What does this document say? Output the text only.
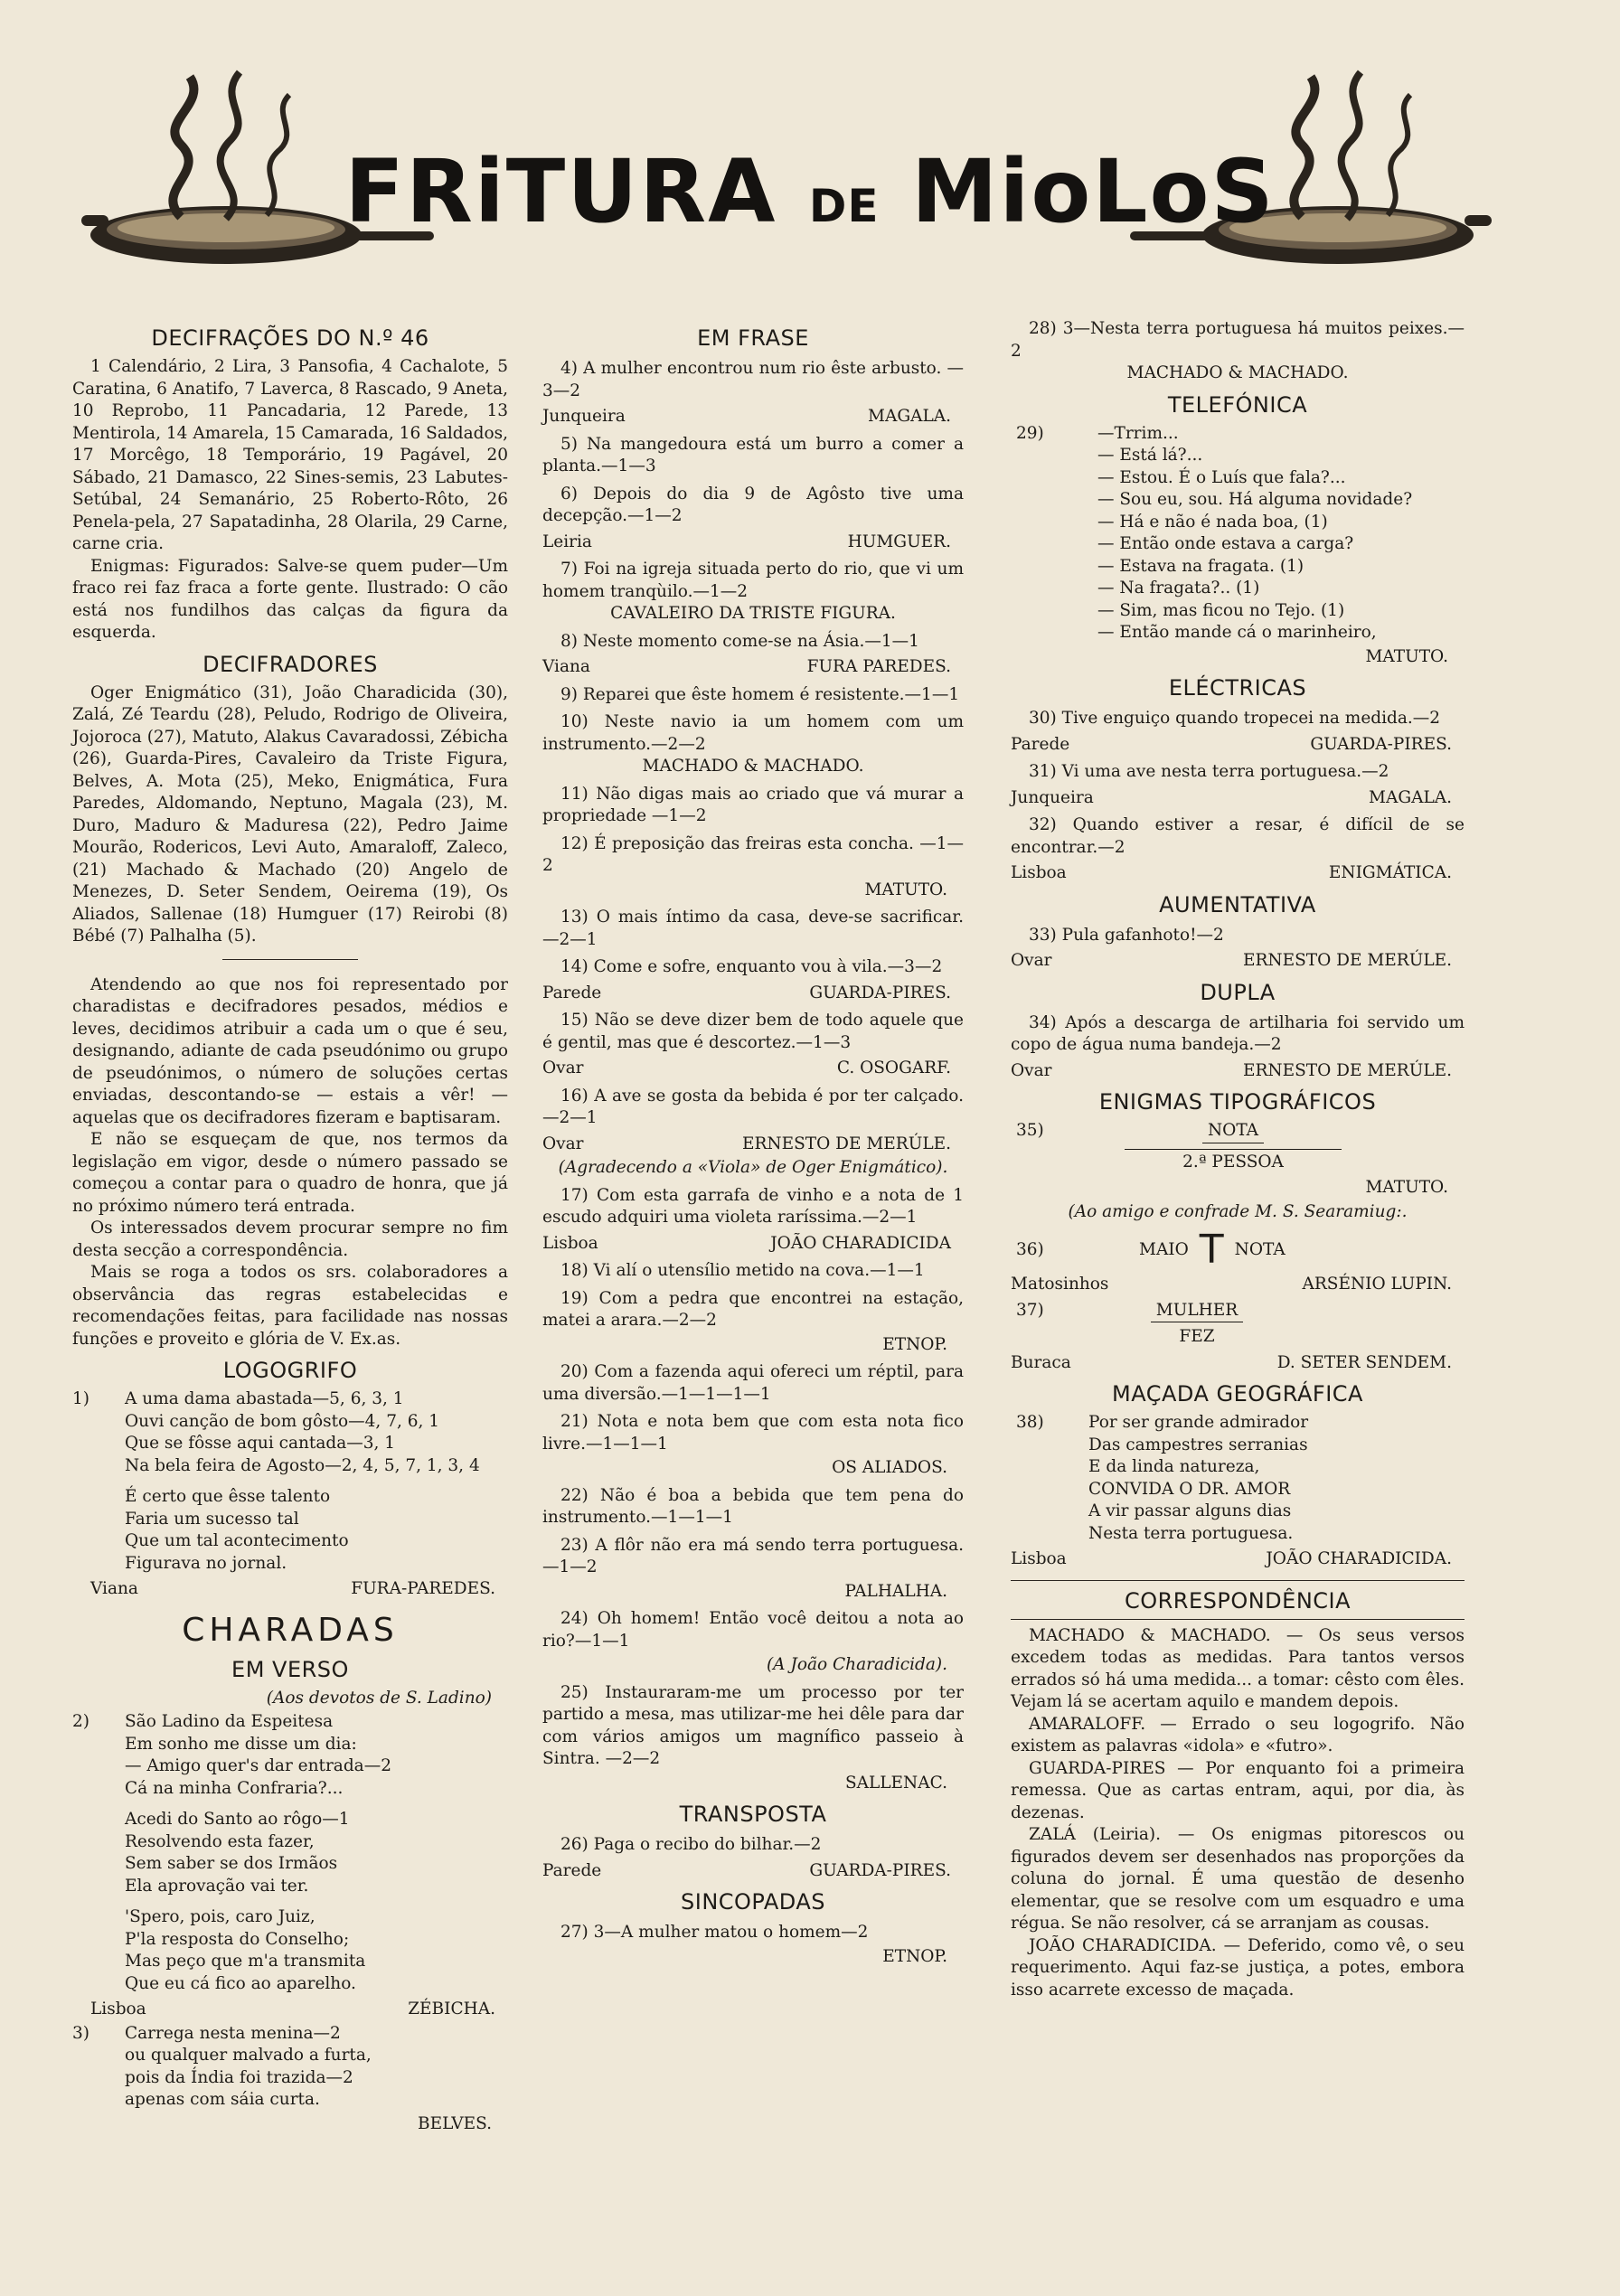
FRiTURA DE MioLoS
DECIFRAÇÕES DO N.º 46

1 Calendário, 2 Lira, 3 Pansofia, 4 Cachalote, 5 Caratina, 6 Anatifo, 7 Laverca, 8 Rascado, 9 Aneta, 10 Reprobo, 11 Pancadaria, 12 Parede, 13 Mentirola, 14 Amarela, 15 Camarada, 16 Saldados, 17 Morcêgo, 18 Temporário, 19 Pagável, 20 Sábado, 21 Damasco, 22 Sines-semis, 23 Labutes-Setúbal, 24 Semanário, 25 Roberto-Rôto, 26 Penela-pela, 27 Sapatadinha, 28 Olarila, 29 Carne, carne cria.

Enigmas: Figurados: Salve-se quem puder—Um fraco rei faz fraca a forte gente. Ilustrado: O cão está nos fundilhos das calças da figura da esquerda.

DECIFRADORES

Oger Enigmático (31), João Charadicida (30), Zalá, Zé Teardu (28), Peludo, Rodrigo de Oliveira, Jojoroca (27), Matuto, Alakus Cavaradossi, Zébicha (26), Guarda-Pires, Cavaleiro da Triste Figura, Belves, A. Mota (25), Meko, Enigmática, Fura Paredes, Aldomando, Neptuno, Magala (23), M. Duro, Maduro & Maduresa (22), Pedro Jaime Mourão, Rodericos, Levi Auto, Amaraloff, Zaleco, (21) Machado & Machado (20) Angelo de Menezes, D. Seter Sendem, Oeirema (19), Os Aliados, Sallenae (18) Humguer (17) Reirobi (8) Bébé (7) Palhalha (5).

Atendendo ao que nos foi representado por charadistas e decifradores pesados, médios e leves, decidimos atribuir a cada um o que é seu, designando, adiante de cada pseudónimo ou grupo de pseudónimos, o número de soluções certas enviadas, descontando-se — estais a vêr! — aquelas que os decifradores fizeram e baptisaram.

E não se esqueçam de que, nos termos da legislação em vigor, desde o número passado se começou a contar para o quadro de honra, que já no próximo número terá entrada.

Os interessados devem procurar sempre no fim desta secção a correspondência.

Mais se roga a todos os srs. colaboradores a observância das regras estabelecidas e recomendações feitas, para facilidade nas nossas funções e proveito e glória de V. Ex.as.

LOGOGRIFO
1)	A uma dama abastada—5, 6, 3, 1
Ouvi canção de bom gôsto—4, 7, 6, 1
Que se fôsse aqui cantada—3, 1
Na bela feira de Agosto—2, 4, 5, 7, 1, 3, 4
É certo que êsse talento
Faria um sucesso tal
Que um tal acontecimento
Figurava no jornal.
Viana	FURA-PAREDES.
CHARADAS
EM VERSO
(Aos devotos de S. Ladino)
2)	São Ladino da Espeitesa
Em sonho me disse um dia:
— Amigo quer's dar entrada—2
Cá na minha Confraria?...
Acedi do Santo ao rôgo—1
Resolvendo esta fazer,
Sem saber se dos Irmãos
Ela aprovação vai ter.
'Spero, pois, caro Juiz,
P'la resposta do Conselho;
Mas peço que m'a transmita
Que eu cá fico ao aparelho.
Lisboa	ZÉBICHA.
3)	Carrega nesta menina—2
ou qualquer malvado a furta,
pois da Índia foi trazida—2
apenas com sáia curta.
BELVES.
EM FRASE

4) A mulher encontrou num rio êste arbusto. —3—2

Junqueira	MAGALA.

5) Na mangedoura está um burro a comer a planta.—1—3

6) Depois do dia 9 de Agôsto tive uma decepção.—1—2

Leiria	HUMGUER.

7) Foi na igreja situada perto do rio, que vi um homem tranqùilo.—1—2

CAVALEIRO DA TRISTE FIGURA.

8) Neste momento come-se na Ásia.—1—1

Viana	FURA PAREDES.

9) Reparei que êste homem é resistente.—1—1

10) Neste navio ia um homem com um instrumento.—2—2

MACHADO & MACHADO.

11) Não digas mais ao criado que vá murar a propriedade —1—2

12) É preposição das freiras esta concha. —1—2

MATUTO.

13) O mais íntimo da casa, deve-se sacrificar. —2—1

14) Come e sofre, enquanto vou à vila.—3—2

Parede	GUARDA-PIRES.

15) Não se deve dizer bem de todo aquele que é gentil, mas que é descortez.—1—3

Ovar	C. OSOGARF.

16) A ave se gosta da bebida é por ter calçado.—2—1

Ovar	ERNESTO DE MERÚLE.
(Agradecendo a «Viola» de Oger Enigmático).

17) Com esta garrafa de vinho e a nota de 1 escudo adquiri uma violeta raríssima.—2—1

Lisboa	JOÃO CHARADICIDA

18) Vi alí o utensílio metido na cova.—1—1

19) Com a pedra que encontrei na estação, matei a arara.—2—2

ETNOP.

20) Com a fazenda aqui ofereci um réptil, para uma diversão.—1—1—1—1

21) Nota e nota bem que com esta nota fico livre.—1—1—1

OS ALIADOS.

22) Não é boa a bebida que tem pena do instrumento.—1—1—1

23) A flôr não era má sendo terra portuguesa.—1—2

PALHALHA.

24) Oh homem! Então você deitou a nota ao rio?—1—1

(A João Charadicida).

25) Instauraram-me um processo por ter partido a mesa, mas utilizar-me hei dêle para dar com vários amigos um magnífico passeio à Sintra. —2—2

SALLENAC.
TRANSPOSTA

26) Paga o recibo do bilhar.—2

Parede	GUARDA-PIRES.
SINCOPADAS

27) 3—A mulher matou o homem—2

ETNOP.

28) 3—Nesta terra portuguesa há muitos peixes.—2

MACHADO & MACHADO.
TELEFÓNICA
29)	—Trrim...
— Está lá?...
— Estou. É o Luís que fala?...
— Sou eu, sou. Há alguma novidade?
— Há e não é nada boa, (1)
— Então onde estava a carga?
— Estava na fragata. (1)
— Na fragata?.. (1)
— Sim, mas ficou no Tejo. (1)
— Então mande cá o marinheiro,
MATUTO.
ELÉCTRICAS

30) Tive enguiço quando tropecei na medida.—2

Parede	GUARDA-PIRES.

31) Vi uma ave nesta terra portuguesa.—2

Junqueira	MAGALA.

32) Quando estiver a resar, é difícil de se encontrar.—2

Lisboa	ENIGMÁTICA.
AUMENTATIVA

33) Pula gafanhoto!—2

Ovar	ERNESTO DE MERÚLE.
DUPLA

34) Após a descarga de artilharia foi servido um copo de água numa bandeja.—2

Ovar	ERNESTO DE MERÚLE.
ENIGMAS TIPOGRÁFICOS
35)	NOTA
2.ª PESSOA
MATUTO.
(Ao amigo e confrade M. S. Searamiug:.
36)	MAIO T NOTA
Matosinhos	ARSÉNIO LUPIN.
37)	MULHER
FEZ
Buraca	D. SETER SENDEM.
MAÇADA GEOGRÁFICA
38)	Por ser grande admirador
Das campestres serranias
E da linda natureza,
CONVIDA O DR. AMOR
A vir passar alguns dias
Nesta terra portuguesa.
Lisboa	JOÃO CHARADICIDA.
CORRESPONDÊNCIA

MACHADO & MACHADO. — Os seus versos excedem todas as medidas. Para tantos versos errados só há uma medida... a tomar: cêsto com êles. Vejam lá se acertam aquilo e mandem depois.

AMARALOFF. — Errado o seu logogrifo. Não existem as palavras «idola» e «futro».

GUARDA-PIRES — Por enquanto foi a primeira remessa. Que as cartas entram, aqui, por dia, às dezenas.

ZALÁ (Leiria). — Os enigmas pitorescos ou figurados devem ser desenhados nas proporções da coluna do jornal. É uma questão de desenho elementar, que se resolve com um esquadro e uma régua. Se não resolver, cá se arranjam as cousas.

JOÃO CHARADICIDA. — Deferido, como vê, o seu requerimento. Aqui faz-se justiça, a potes, embora isso acarrete excesso de maçada.
